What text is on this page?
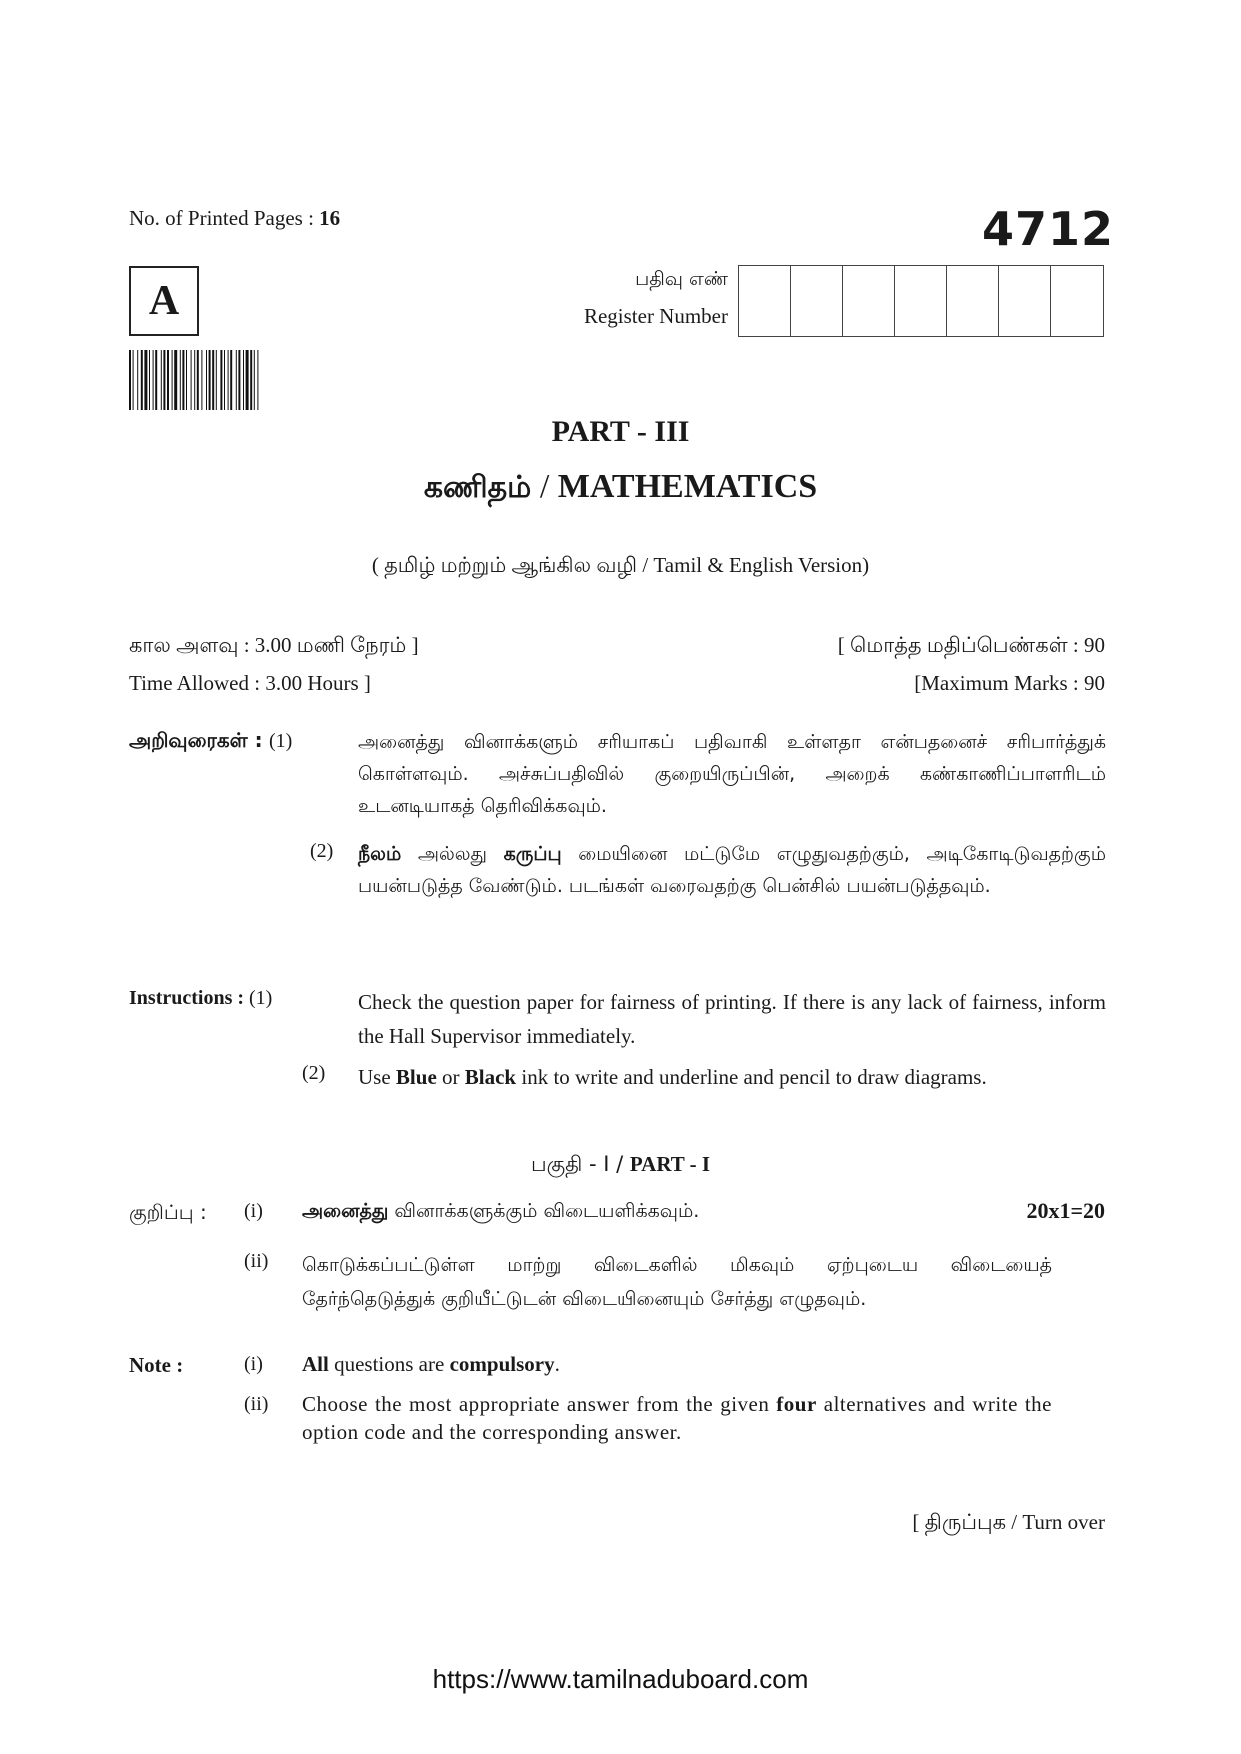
No. of Printed Pages : 16	4712
A	பதிவு எண்
Register Number
PART - III
கணிதம் / MATHEMATICS
( தமிழ் மற்றும் ஆங்கில வழி / Tamil & English Version)
கால அளவு : 3.00 மணி நேரம் ]
Time Allowed : 3.00 Hours ]
[ மொத்த மதிப்பெண்கள் : 90
[Maximum Marks : 90
அறிவுரைகள் : (1)	அனைத்து வினாக்களும் சரியாகப் பதிவாகி உள்ளதா என்பதனைச் சரிபார்த்துக் கொள்ளவும். அச்சுப்பதிவில் குறையிருப்பின், அறைக் கண்காணிப்பாளரிடம் உடனடியாகத் தெரிவிக்கவும்.
(2) நீலம் அல்லது கருப்பு மையினை மட்டுமே எழுதுவதற்கும், அடிகோடிடுவதற்கும் பயன்படுத்த வேண்டும். படங்கள் வரைவதற்கு பென்சில் பயன்படுத்தவும்.
Instructions : (1)	Check the question paper for fairness of printing. If there is any lack of fairness, inform the Hall Supervisor immediately.
(2) Use Blue or Black ink to write and underline and pencil to draw diagrams.
பகுதி - I / PART - I
குறிப்பு : (i) அனைத்து வினாக்களுக்கும் விடையளிக்கவும்.	20x1=20
(ii) கொடுக்கப்பட்டுள்ள மாற்று விடைகளில் மிகவும் ஏற்புடைய விடையைத் தேர்ந்தெடுத்துக் குறியீட்டுடன் விடையினையும் சேர்த்து எழுதவும்.
Note :	(i) All questions are compulsory.
(ii) Choose the most appropriate answer from the given four alternatives and write the option code and the corresponding answer.
[ திருப்புக / Turn over
https://www.tamilnaduboard.com
